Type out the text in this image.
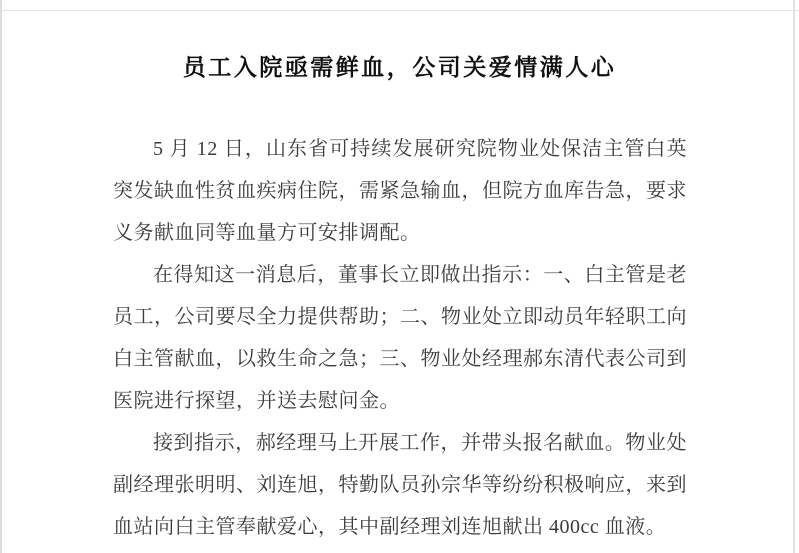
员工入院亟需鲜血，公司关爱情满人心

5 月 12 日，山东省可持续发展研究院物业处保洁主管白英突发缺血性贫血疾病住院，需紧急输血，但院方血库告急，要求义务献血同等血量方可安排调配。

在得知这一消息后，董事长立即做出指示：一、白主管是老员工，公司要尽全力提供帮助；二、物业处立即动员年轻职工向白主管献血，以救生命之急；三、物业处经理郝东清代表公司到医院进行探望，并送去慰问金。

接到指示，郝经理马上开展工作，并带头报名献血。物业处副经理张明明、刘连旭，特勤队员孙宗华等纷纷积极响应，来到血站向白主管奉献爱心，其中副经理刘连旭献出 400cc 血液。
